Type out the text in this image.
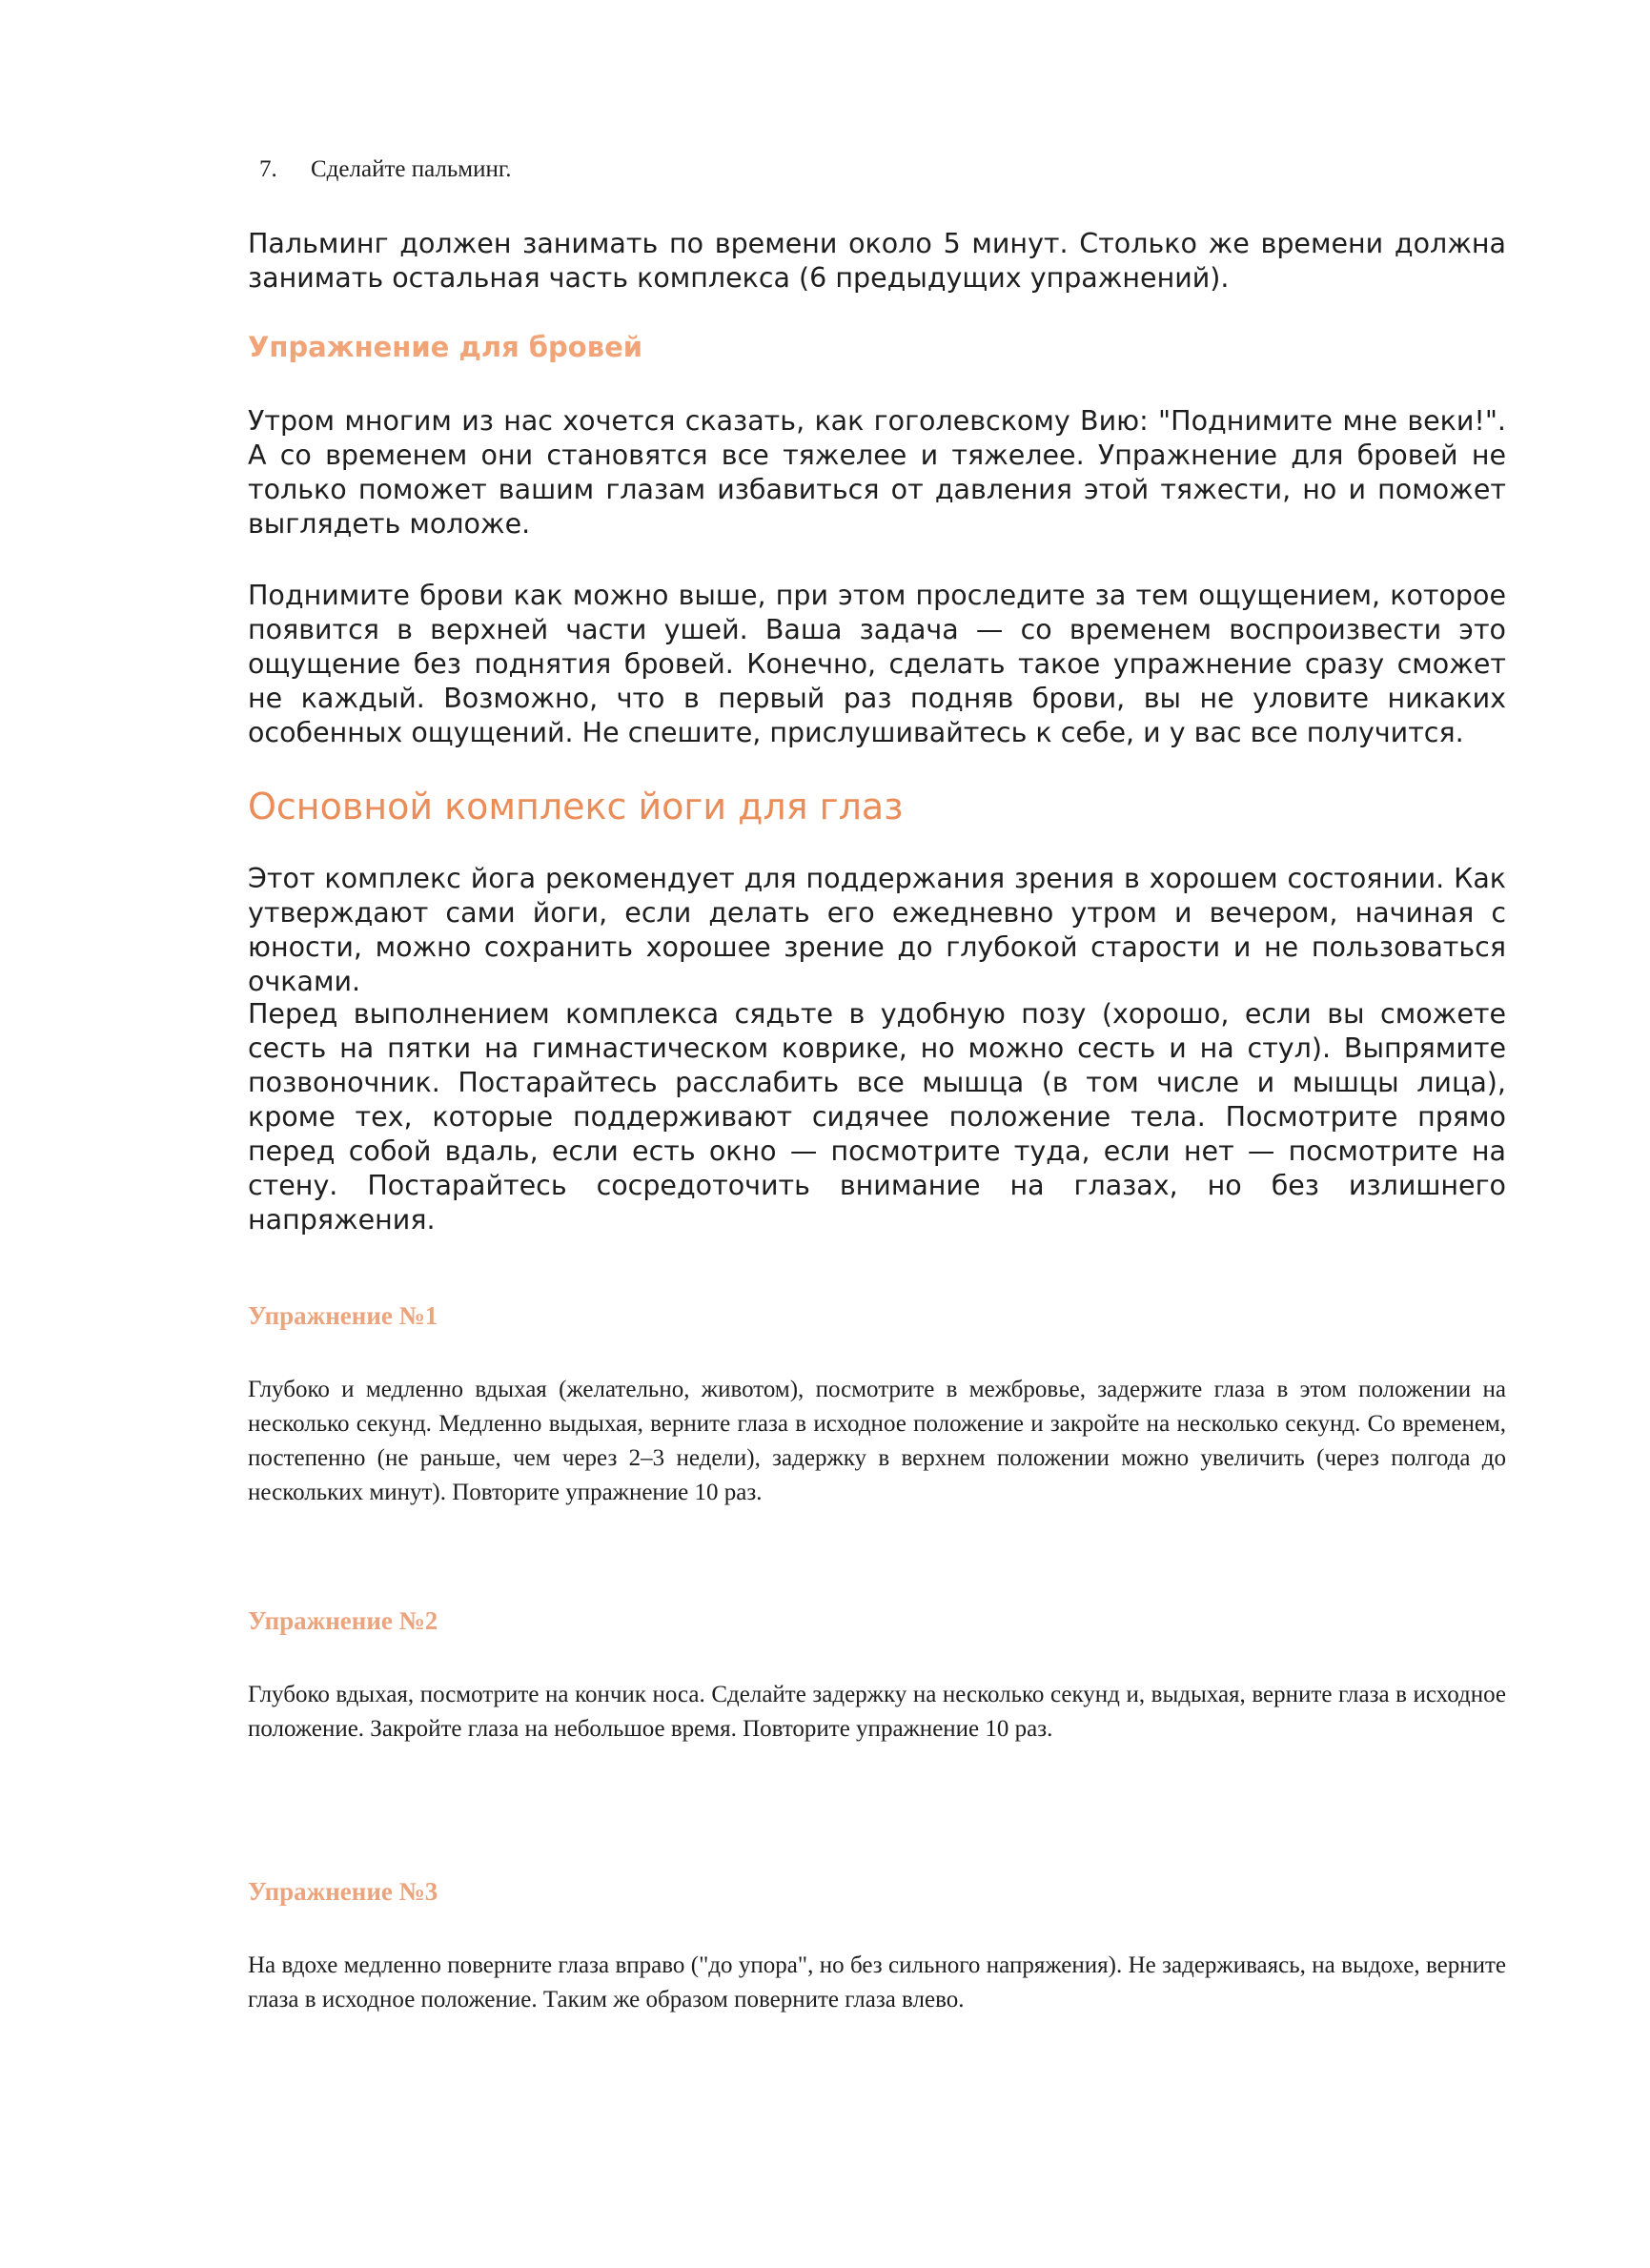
7. Сделайте пальминг.

Пальминг должен занимать по времени около 5 минут. Столько же времени должна занимать остальная часть комплекса (6 предыдущих упражнений).

Упражнение для бровей

Утром многим из нас хочется сказать, как гоголевскому Вию: "Поднимите мне веки!". А со временем они становятся все тяжелее и тяжелее. Упражнение для бровей не только поможет вашим глазам избавиться от давления этой тяжести, но и поможет выглядеть моложе.

Поднимите брови как можно выше, при этом проследите за тем ощущением, которое появится в верхней части ушей. Ваша задача — со временем воспроизвести это ощущение без поднятия бровей. Конечно, сделать такое упражнение сразу сможет не каждый. Возможно, что в первый раз подняв брови, вы не уловите никаких особенных ощущений. Не спешите, прислушивайтесь к себе, и у вас все получится.

Основной комплекс йоги для глаз

Этот комплекс йога рекомендует для поддержания зрения в хорошем состоянии. Как утверждают сами йоги, если делать его ежедневно утром и вечером, начиная с юности, можно сохранить хорошее зрение до глубокой старости и не пользоваться очками.

Перед выполнением комплекса сядьте в удобную позу (хорошо, если вы сможете сесть на пятки на гимнастическом коврике, но можно сесть и на стул). Выпрямите позвоночник. Постарайтесь расслабить все мышца (в том числе и мышцы лица), кроме тех, которые поддерживают сидячее положение тела. Посмотрите прямо перед собой вдаль, если есть окно — посмотрите туда, если нет — посмотрите на стену. Постарайтесь сосредоточить внимание на глазах, но без излишнего напряжения.

Упражнение №1

Глубоко и медленно вдыхая (желательно, животом), посмотрите в межбровье, задержите глаза в этом положении на несколько секунд. Медленно выдыхая, верните глаза в исходное положение и закройте на несколько секунд. Со временем, постепенно (не раньше, чем через 2–3 недели), задержку в верхнем положении можно увеличить (через полгода до нескольких минут). Повторите упражнение 10 раз.

Упражнение №2

Глубоко вдыхая, посмотрите на кончик носа. Сделайте задержку на несколько секунд и, выдыхая, верните глаза в исходное положение. Закройте глаза на небольшое время. Повторите упражнение 10 раз.

Упражнение №3

На вдохе медленно поверните глаза вправо ("до упора", но без сильного напряжения). Не задерживаясь, на выдохе, верните глаза в исходное положение. Таким же образом поверните глаза влево.
